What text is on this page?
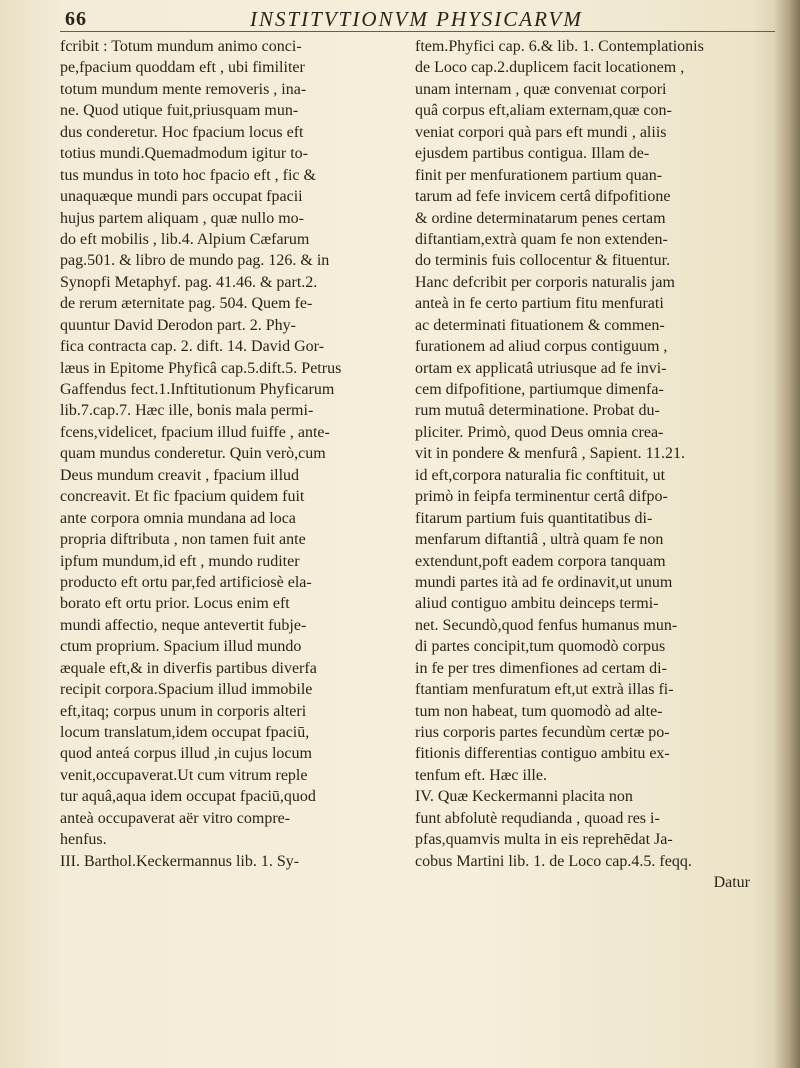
66	INSTITVTIONVM PHYSICARVM
fcribit : Totum mundum animo conci-
pe,fpacium quoddam eft , ubi fimiliter
totum mundum mente removeris , ina-
ne. Quod utique fuit,priusquam mun-
dus conderetur. Hoc fpacium locus eft
totius mundi.Quemadmodum igitur to-
tus mundus in toto hoc fpacio eft , fic &
unaquæque mundi pars occupat fpacii
hujus partem aliquam , quæ nullo mo-
do eft mobilis , lib.4. Alpium Cæfarum
pag.501. & libro de mundo pag. 126. & in
Synopfi Metaphyf. pag. 41.46. & part.2.
de rerum æternitate pag. 504. Quem fe-
quuntur David Derodon part. 2. Phy-
fica contracta cap. 2. dift. 14. David Gor-
læus in Epitome Phyficâ cap.5.dift.5. Petrus
Gaffendus fect.1.Inftitutionum Phyficarum
lib.7.cap.7. Hæc ille, bonis mala permi-
fcens,videlicet, fpacium illud fuiffe , ante-
quam mundus conderetur. Quin verò,cum
Deus mundum creavit , fpacium illud
concreavit. Et fic fpacium quidem fuit
ante corpora omnia mundana ad loca
propria diftributa , non tamen fuit ante
ipfum mundum,id eft , mundo ruditer
producto eft ortu par,fed artificiosè ela-
borato eft ortu prior. Locus enim eft
mundi affectio, neque antevertit fubje-
ctum proprium. Spacium illud mundo
æquale eft,& in diverfis partibus diverfa
recipit corpora.Spacium illud immobile
eft,itaq; corpus unum in corporis alteri
locum translatum,idem occupat fpaciū,
quod anteá corpus illud ,in cujus locum
venit,occupaverat.Ut cum vitrum reple
tur aquâ,aqua idem occupat fpaciū,quod
anteà occupaverat aër vitro compre-
henfus.
III. Barthol.Keckermannus lib. 1. Sy-
ftem.Phyfici cap. 6.& lib. 1. Contemplationis
de Loco cap.2.duplicem facit locationem ,
unam internam , quæ convenıat corpori
quâ corpus eft,aliam externam,quæ con-
veniat corpori quà pars eft mundi , aliis
ejusdem partibus contigua. Illam de-
finit per menfurationem partium quan-
tarum ad fefe invicem certâ difpofitione
& ordine determinatarum penes certam
diftantiam,extrà quam fe non extenden-
do terminis fuis collocentur & fituentur.
Hanc defcribit per corporis naturalis jam
anteà in fe certo partium fitu menfurati
ac determinati fituationem & commen-
furationem ad aliud corpus contiguum ,
ortam ex applicatâ utriusque ad fe invi-
cem difpofitione, partiumque dimenfa-
rum mutuâ determinatione. Probat du-
pliciter. Primò, quod Deus omnia crea-
vit in pondere & menfurâ , Sapient. 11.21.
id eft,corpora naturalia fic conftituit, ut
primò in feipfa terminentur certâ difpo-
fitarum partium fuis quantitatibus di-
menfarum diftantiâ , ultrà quam fe non
extendunt,poft eadem corpora tanquam
mundi partes ità ad fe ordinavit,ut unum
aliud contiguo ambitu deinceps termi-
net. Secundò,quod fenfus humanus mun-
di partes concipit,tum quomodò corpus
in fe per tres dimenfiones ad certam di-
ftantiam menfuratum eft,ut extrà illas fi-
tum non habeat, tum quomodò ad alte-
rius corporis partes fecundùm certæ po-
fitionis differentias contiguo ambitu ex-
tenfum eft. Hæc ille.
IV. Quæ Keckermanni placita non
funt abfolutè requdianda , quoad res i-
pfas,quamvis multa in eis reprehēdat Ja-
cobus Martini lib. 1. de Loco cap.4.5. feqq.
Datur
